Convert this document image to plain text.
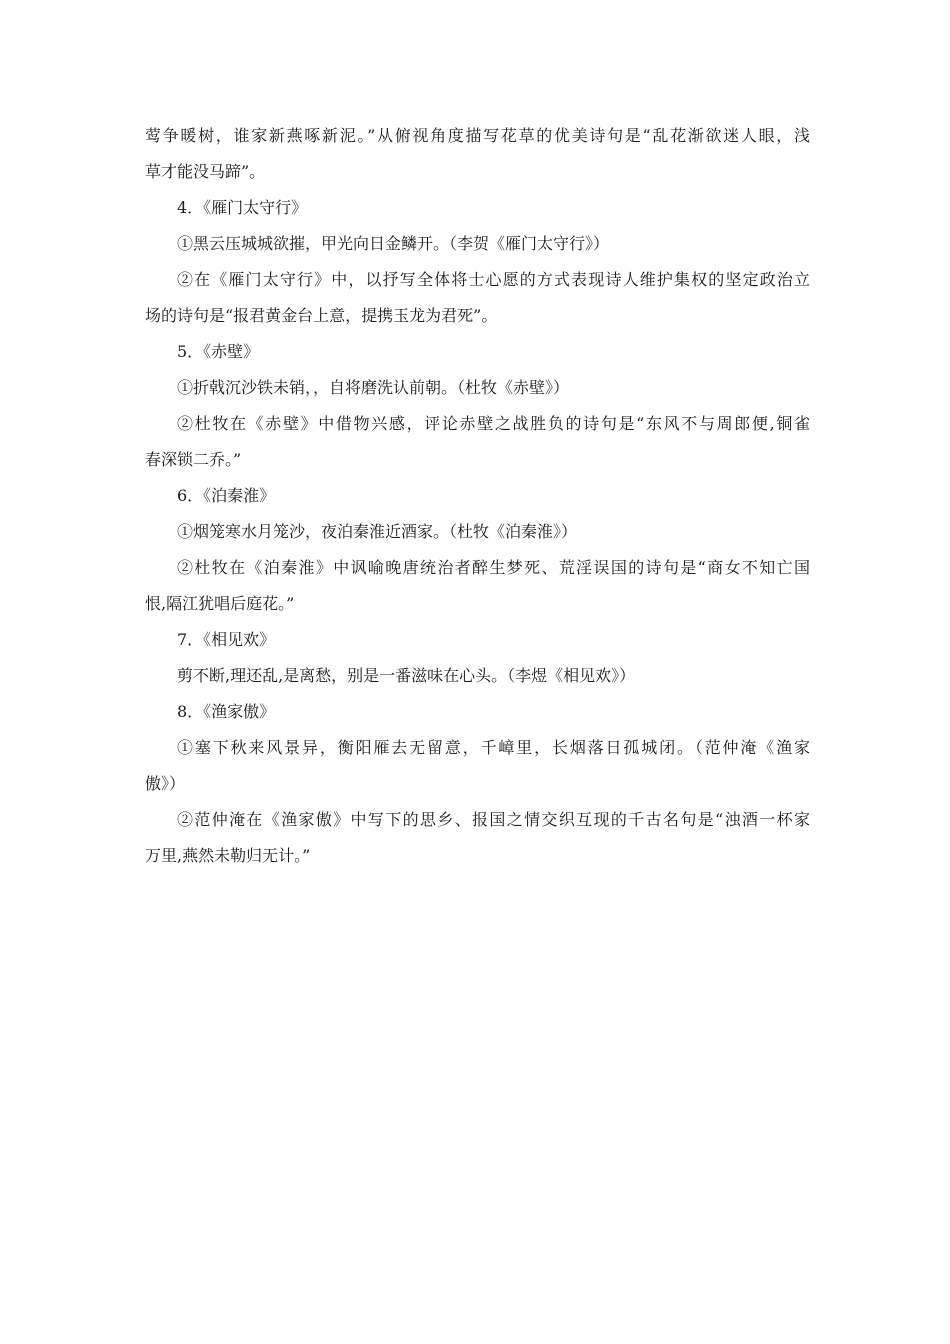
莺争暖树，谁家新燕啄新泥。”从俯视角度描写花草的优美诗句是“乱花渐欲迷人眼，浅
草才能没马蹄”。
4．《雁门太守行》
①黑云压城城欲摧，甲光向日金鳞开。（李贺《雁门太守行》）
②在《雁门太守行》中，以抒写全体将士心愿的方式表现诗人维护集权的坚定政治立
场的诗句是“报君黄金台上意，提携玉龙为君死”。
5．《赤壁》
①折戟沉沙铁未销，，自将磨洗认前朝。（杜牧《赤壁》）
②杜牧在《赤壁》中借物兴感，评论赤壁之战胜负的诗句是“东风不与周郎便,铜雀
春深锁二乔。”
6．《泊秦淮》
①烟笼寒水月笼沙，夜泊秦淮近酒家。（杜牧《泊秦淮》）
②杜牧在《泊秦淮》中讽喻晚唐统治者醉生梦死、荒淫误国的诗句是“商女不知亡国
恨,隔江犹唱后庭花。”
7．《相见欢》
剪不断,理还乱,是离愁，别是一番滋味在心头。（李煜《相见欢》）
8．《渔家傲》
①塞下秋来风景异，衡阳雁去无留意，千嶂里，长烟落日孤城闭。（范仲淹《渔家
傲》）
②范仲淹在《渔家傲》中写下的思乡、报国之情交织互现的千古名句是“浊酒一杯家
万里,燕然未勒归无计。”
